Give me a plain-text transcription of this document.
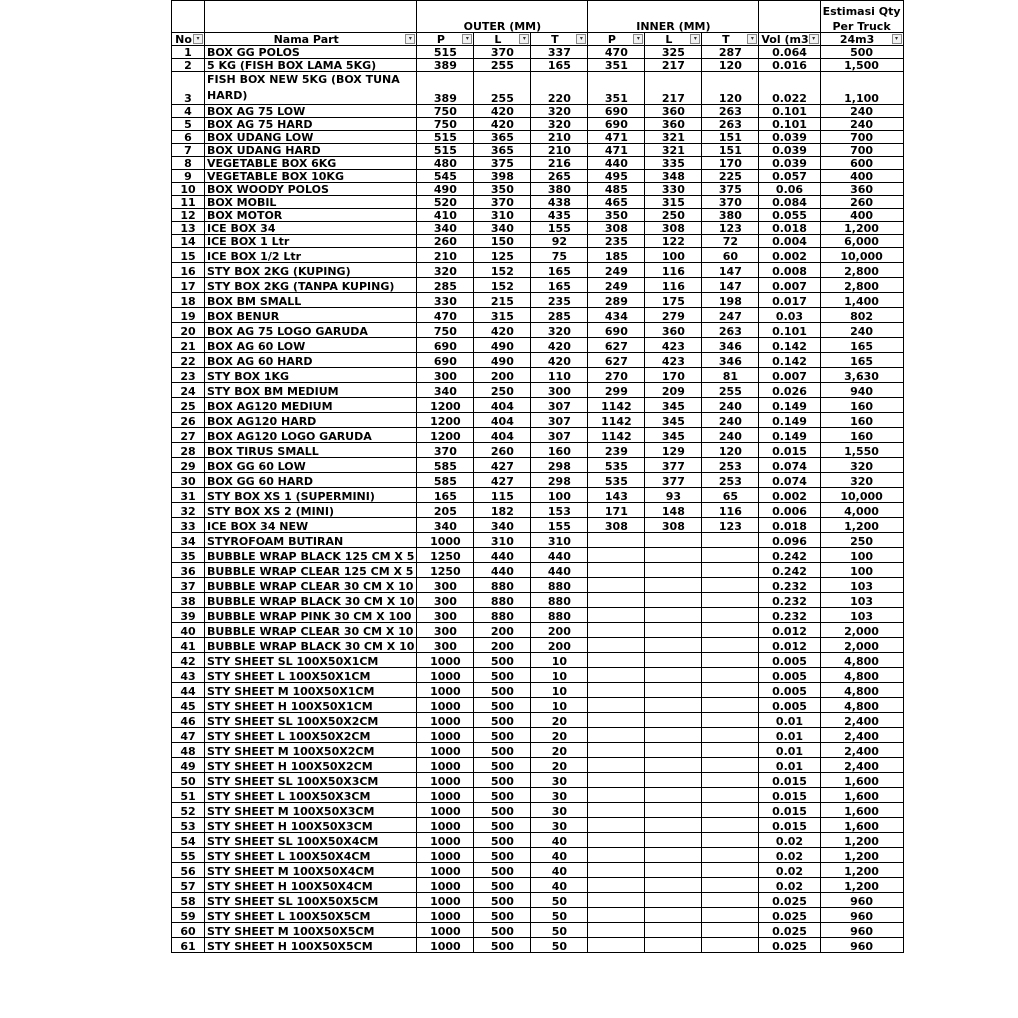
		OUTER (MM)			INNER (MM)				Estimasi Qty
									Per Truck
No ▾	Nama Part ▾	P ▾	L ▾	T ▾	P ▾	L ▾	T ▾	Vol (m3 ▾	24m3 ▾

1	BOX GG POLOS	515	370	337	470	325	287	0.064	500
2	5 KG (FISH BOX LAMA 5KG)	389	255	165	351	217	120	0.016	1,500
3	FISH BOX NEW 5KG (BOX TUNA HARD)	389	255	220	351	217	120	0.022	1,100
4	BOX AG 75 LOW	750	420	320	690	360	263	0.101	240
5	BOX AG 75 HARD	750	420	320	690	360	263	0.101	240
6	BOX UDANG LOW	515	365	210	471	321	151	0.039	700
7	BOX UDANG HARD	515	365	210	471	321	151	0.039	700
8	VEGETABLE BOX 6KG	480	375	216	440	335	170	0.039	600
9	VEGETABLE BOX 10KG	545	398	265	495	348	225	0.057	400
10	BOX WOODY POLOS	490	350	380	485	330	375	0.06	360
11	BOX MOBIL	520	370	438	465	315	370	0.084	260
12	BOX MOTOR	410	310	435	350	250	380	0.055	400
13	ICE BOX 34	340	340	155	308	308	123	0.018	1,200
14	ICE BOX 1 Ltr	260	150	92	235	122	72	0.004	6,000
15	ICE BOX 1/2 Ltr	210	125	75	185	100	60	0.002	10,000
16	STY BOX 2KG (KUPING)	320	152	165	249	116	147	0.008	2,800
17	STY BOX 2KG (TANPA KUPING)	285	152	165	249	116	147	0.007	2,800
18	BOX BM SMALL	330	215	235	289	175	198	0.017	1,400
19	BOX BENUR	470	315	285	434	279	247	0.03	802
20	BOX AG 75 LOGO GARUDA	750	420	320	690	360	263	0.101	240
21	BOX AG 60 LOW	690	490	420	627	423	346	0.142	165
22	BOX AG 60 HARD	690	490	420	627	423	346	0.142	165
23	STY BOX 1KG	300	200	110	270	170	81	0.007	3,630
24	STY BOX BM MEDIUM	340	250	300	299	209	255	0.026	940
25	BOX AG120 MEDIUM	1200	404	307	1142	345	240	0.149	160
26	BOX AG120 HARD	1200	404	307	1142	345	240	0.149	160
27	BOX AG120 LOGO GARUDA	1200	404	307	1142	345	240	0.149	160
28	BOX TIRUS SMALL	370	260	160	239	129	120	0.015	1,550
29	BOX GG 60 LOW	585	427	298	535	377	253	0.074	320
30	BOX GG 60 HARD	585	427	298	535	377	253	0.074	320
31	STY BOX XS 1 (SUPERMINI)	165	115	100	143	93	65	0.002	10,000
32	STY BOX XS 2 (MINI)	205	182	153	171	148	116	0.006	4,000
33	ICE BOX 34 NEW	340	340	155	308	308	123	0.018	1,200
34	STYROFOAM BUTIRAN	1000	310	310				0.096	250
35	BUBBLE WRAP BLACK 125 CM X 5	1250	440	440				0.242	100
36	BUBBLE WRAP CLEAR 125 CM X 5	1250	440	440				0.242	100
37	BUBBLE WRAP CLEAR 30 CM X 10	300	880	880				0.232	103
38	BUBBLE WRAP BLACK 30 CM X 10	300	880	880				0.232	103
39	BUBBLE WRAP PINK 30 CM X 100	300	880	880				0.232	103
40	BUBBLE WRAP CLEAR 30 CM X 10	300	200	200				0.012	2,000
41	BUBBLE WRAP BLACK 30 CM X 10	300	200	200				0.012	2,000
42	STY SHEET SL 100X50X1CM	1000	500	10				0.005	4,800
43	STY SHEET L 100X50X1CM	1000	500	10				0.005	4,800
44	STY SHEET M 100X50X1CM	1000	500	10				0.005	4,800
45	STY SHEET H 100X50X1CM	1000	500	10				0.005	4,800
46	STY SHEET SL 100X50X2CM	1000	500	20				0.01	2,400
47	STY SHEET L 100X50X2CM	1000	500	20				0.01	2,400
48	STY SHEET M 100X50X2CM	1000	500	20				0.01	2,400
49	STY SHEET H 100X50X2CM	1000	500	20				0.01	2,400
50	STY SHEET SL 100X50X3CM	1000	500	30				0.015	1,600
51	STY SHEET L 100X50X3CM	1000	500	30				0.015	1,600
52	STY SHEET M 100X50X3CM	1000	500	30				0.015	1,600
53	STY SHEET H 100X50X3CM	1000	500	30				0.015	1,600
54	STY SHEET SL 100X50X4CM	1000	500	40				0.02	1,200
55	STY SHEET L 100X50X4CM	1000	500	40				0.02	1,200
56	STY SHEET M 100X50X4CM	1000	500	40				0.02	1,200
57	STY SHEET H 100X50X4CM	1000	500	40				0.02	1,200
58	STY SHEET SL 100X50X5CM	1000	500	50				0.025	960
59	STY SHEET L 100X50X5CM	1000	500	50				0.025	960
60	STY SHEET M 100X50X5CM	1000	500	50				0.025	960
61	STY SHEET H 100X50X5CM	1000	500	50				0.025	960
